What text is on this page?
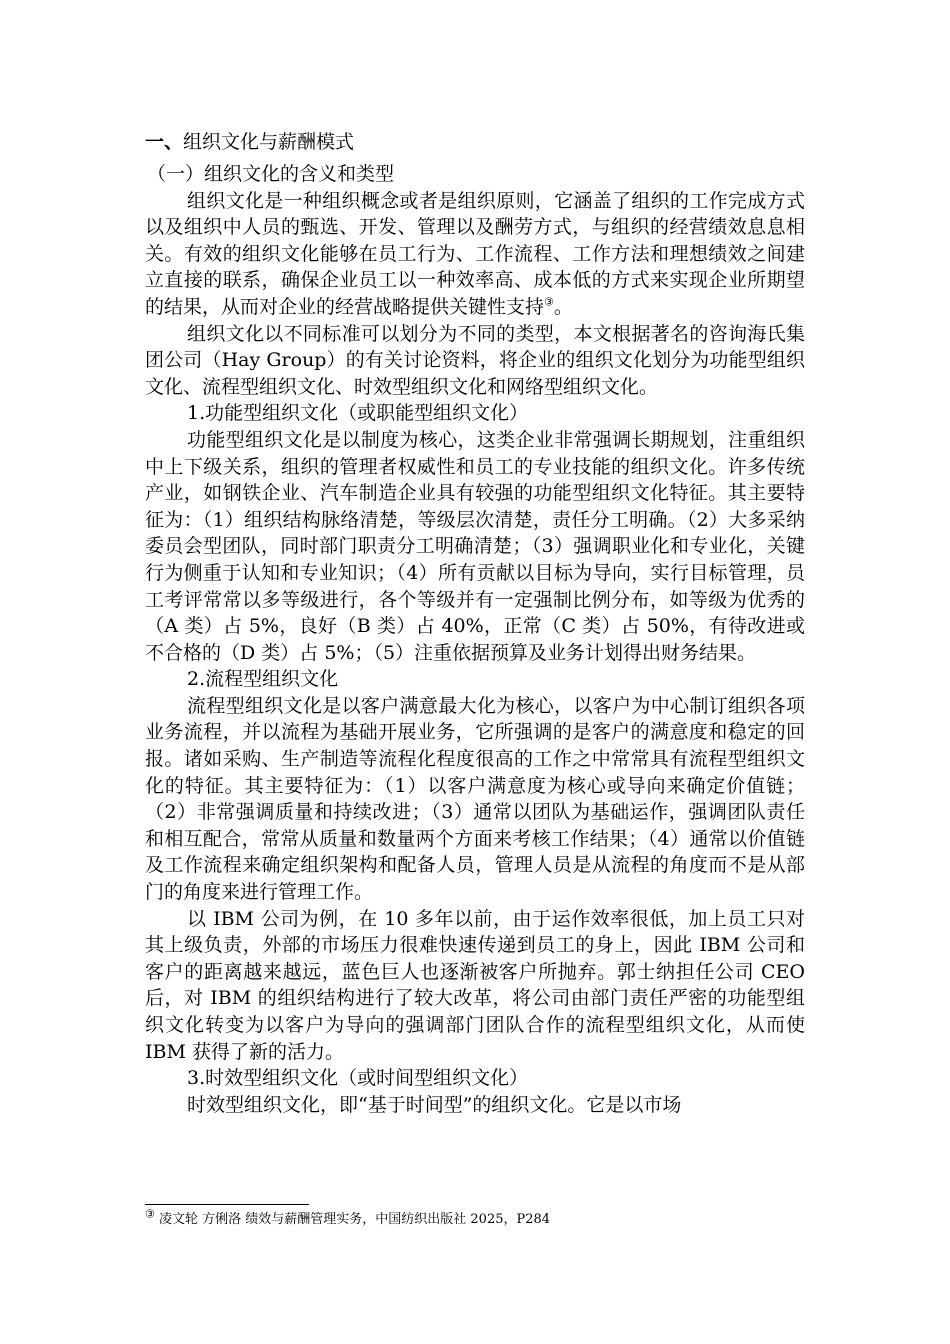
一、组织文化与薪酬模式
（一）组织文化的含义和类型

组织文化是一种组织概念或者是组织原则，它涵盖了组织的工作完成方式以及组织中人员的甄选、开发、管理以及酬劳方式，与组织的经营绩效息息相关。有效的组织文化能够在员工行为、工作流程、工作方法和理想绩效之间建立直接的联系，确保企业员工以一种效率高、成本低的方式来实现企业所期望的结果，从而对企业的经营战略提供关键性支持③。

组织文化以不同标准可以划分为不同的类型，本文根据著名的咨询海氏集团公司（Hay Group）的有关讨论资料，将企业的组织文化划分为功能型组织文化、流程型组织文化、时效型组织文化和网络型组织文化。

1.功能型组织文化（或职能型组织文化）

功能型组织文化是以制度为核心，这类企业非常强调长期规划，注重组织中上下级关系，组织的管理者权威性和员工的专业技能的组织文化。许多传统产业，如钢铁企业、汽车制造企业具有较强的功能型组织文化特征。其主要特征为：（1）组织结构脉络清楚，等级层次清楚，责任分工明确。（2）大多采纳委员会型团队，同时部门职责分工明确清楚；（3）强调职业化和专业化，关键行为侧重于认知和专业知识；（4）所有贡献以目标为导向，实行目标管理，员工考评常常以多等级进行，各个等级并有一定强制比例分布，如等级为优秀的（A 类）占 5%，良好（B 类）占 40%，正常（C 类）占 50%，有待改进或不合格的（D 类）占 5%；（5）注重依据预算及业务计划得出财务结果。

2.流程型组织文化

流程型组织文化是以客户满意最大化为核心，以客户为中心制订组织各项业务流程，并以流程为基础开展业务，它所强调的是客户的满意度和稳定的回报。诸如采购、生产制造等流程化程度很高的工作之中常常具有流程型组织文化的特征。其主要特征为：（1）以客户满意度为核心或导向来确定价值链；（2）非常强调质量和持续改进；（3）通常以团队为基础运作，强调团队责任和相互配合，常常从质量和数量两个方面来考核工作结果；（4）通常以价值链及工作流程来确定组织架构和配备人员，管理人员是从流程的角度而不是从部门的角度来进行管理工作。

以 IBM 公司为例，在 10 多年以前，由于运作效率很低，加上员工只对其上级负责，外部的市场压力很难快速传递到员工的身上，因此 IBM 公司和客户的距离越来越远，蓝色巨人也逐渐被客户所抛弃。郭士纳担任公司 CEO 后，对 IBM 的组织结构进行了较大改革，将公司由部门责任严密的功能型组织文化转变为以客户为导向的强调部门团队合作的流程型组织文化，从而使 IBM 获得了新的活力。

3.时效型组织文化（或时间型组织文化）

时效型组织文化，即“基于时间型”的组织文化。它是以市场

③ 凌文轮 方俐洛 绩效与薪酬管理实务，中国纺织出版社 2025，P284
